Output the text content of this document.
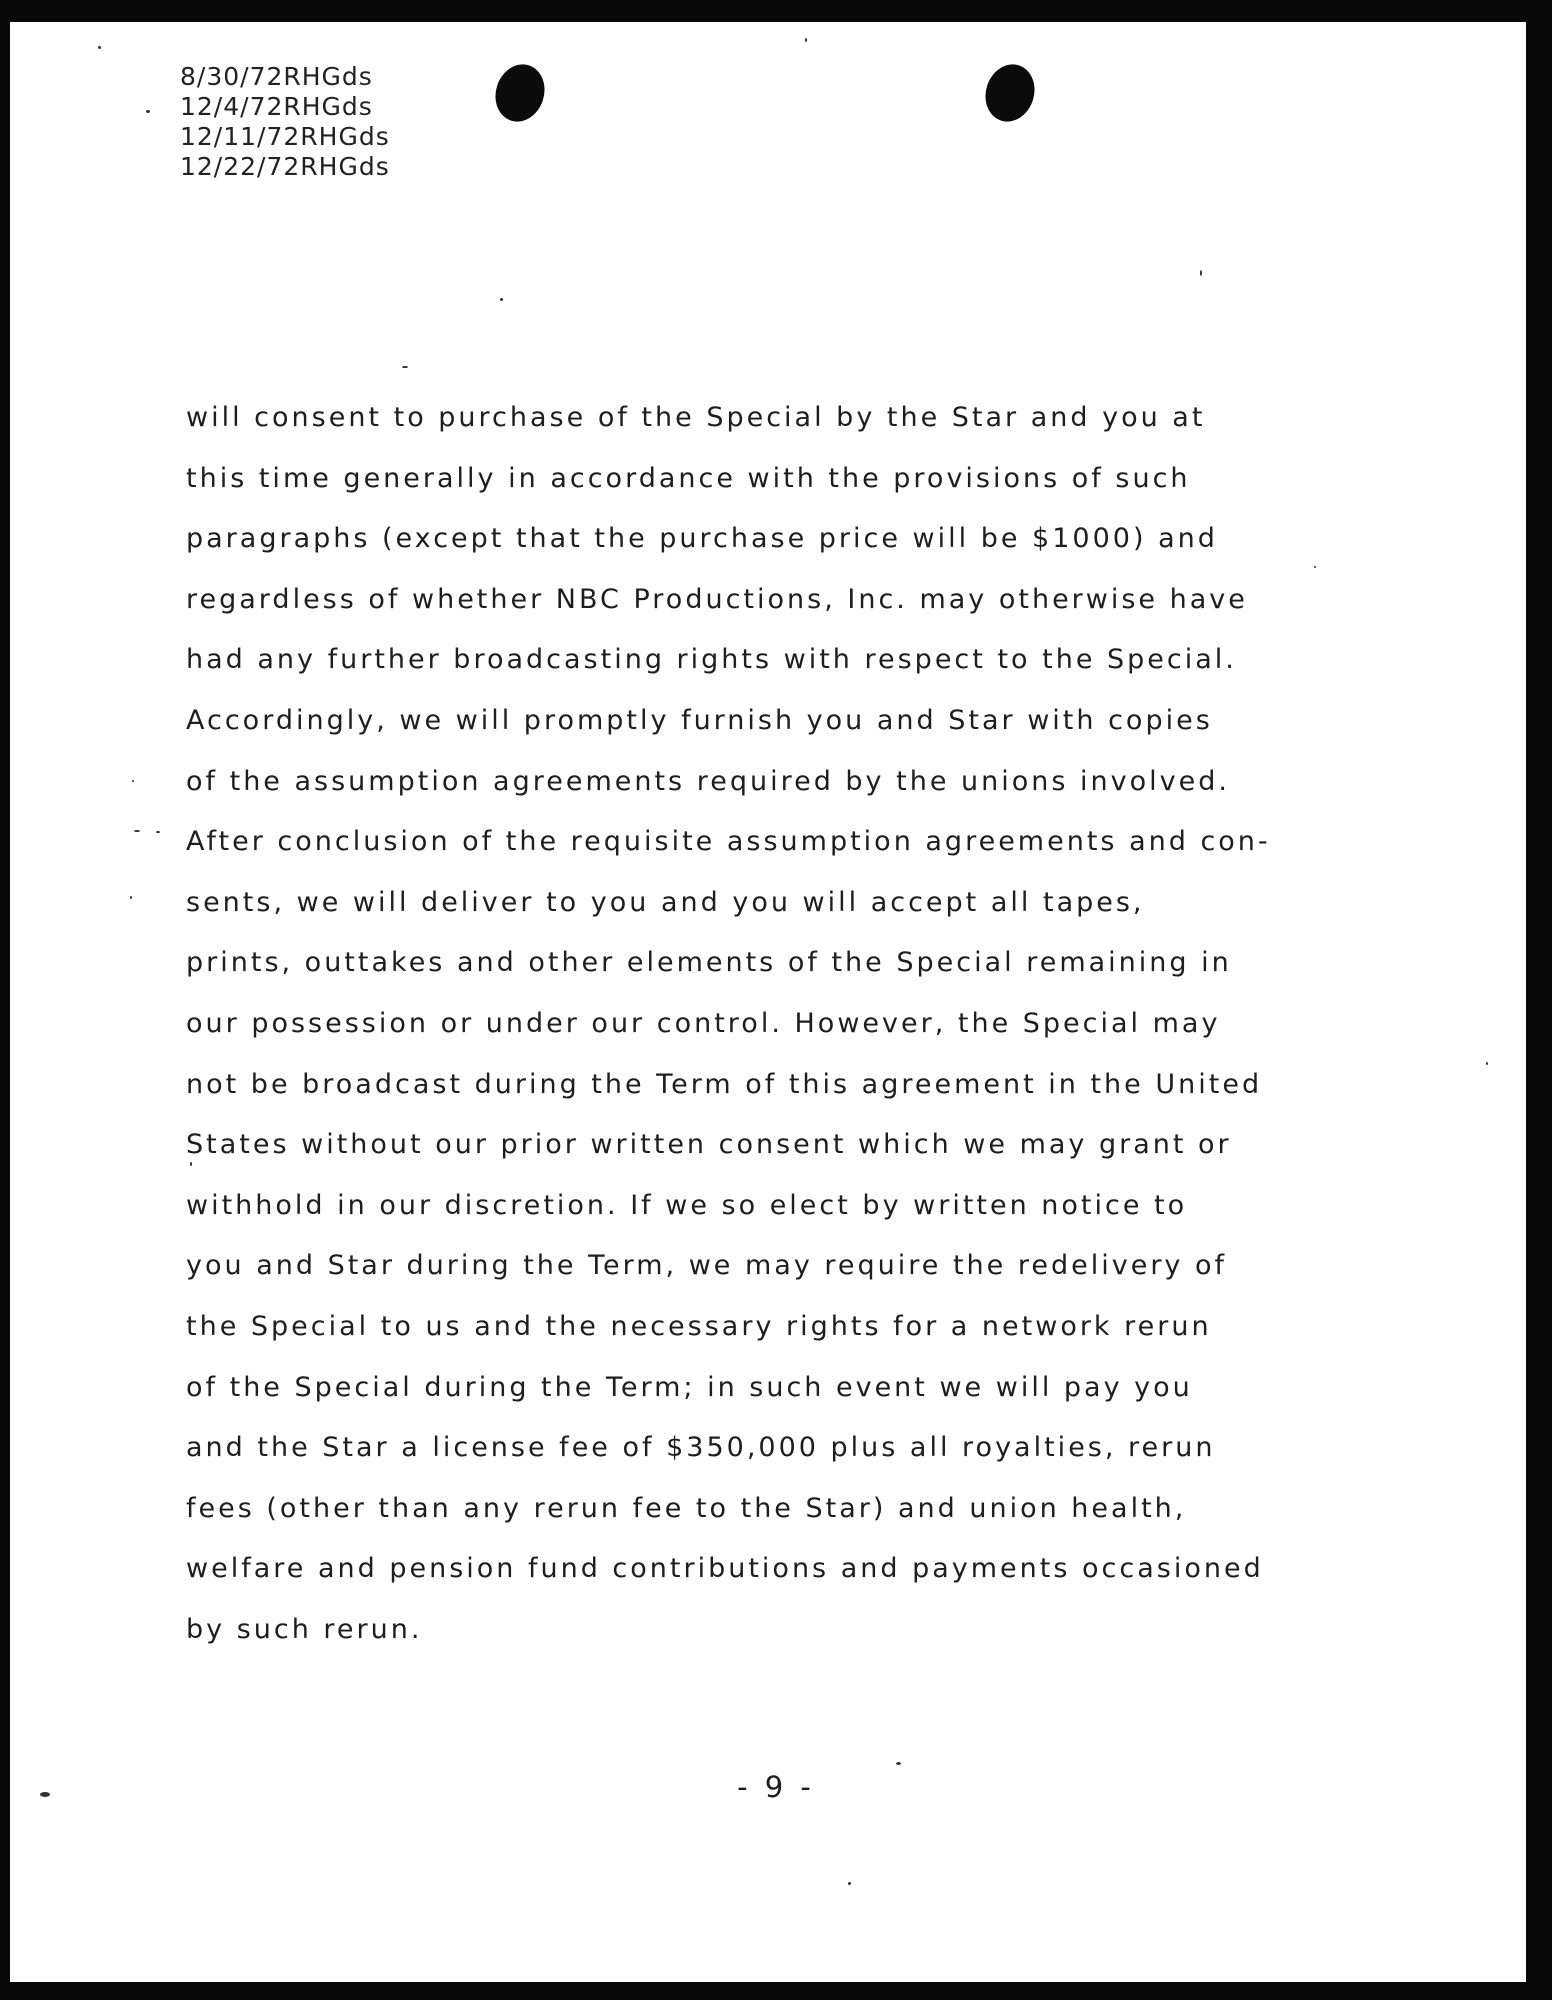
8/30/72RHGds
12/4/72RHGds
12/11/72RHGds
12/22/72RHGds
will consent to purchase of the Special by the Star and you at
this time generally in accordance with the provisions of such
paragraphs (except that the purchase price will be $1000) and
regardless of whether NBC Productions, Inc. may otherwise have
had any further broadcasting rights with respect to the Special.
Accordingly, we will promptly furnish you and Star with copies
of the assumption agreements required by the unions involved.
After conclusion of the requisite assumption agreements and con-
sents, we will deliver to you and you will accept all tapes,
prints, outtakes and other elements of the Special remaining in
our possession or under our control. However, the Special may
not be broadcast during the Term of this agreement in the United
States without our prior written consent which we may grant or
withhold in our discretion. If we so elect by written notice to
you and Star during the Term, we may require the redelivery of
the Special to us and the necessary rights for a network rerun
of the Special during the Term; in such event we will pay you
and the Star a license fee of $350,000 plus all royalties, rerun
fees (other than any rerun fee to the Star) and union health,
welfare and pension fund contributions and payments occasioned
by such rerun.
- 9 -
